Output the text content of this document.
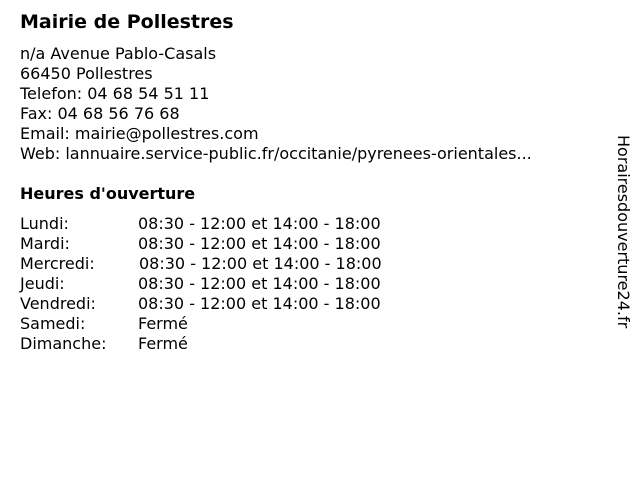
Mairie de Pollestres
n/a Avenue Pablo-Casals
66450 Pollestres
Telefon: 04 68 54 51 11
Fax: 04 68 56 76 68
Email: mairie@pollestres.com
Web: lannuaire.service-public.fr/occitanie/pyrenees-orientales...
Heures d'ouverture
Lundi:	08:30 - 12:00 et 14:00 - 18:00
Mardi:	08:30 - 12:00 et 14:00 - 18:00
Mercredi:	08:30 - 12:00 et 14:00 - 18:00
Jeudi:	08:30 - 12:00 et 14:00 - 18:00
Vendredi:	08:30 - 12:00 et 14:00 - 18:00
Samedi:	Fermé
Dimanche: Fermé
Horairesdouverture24.fr
